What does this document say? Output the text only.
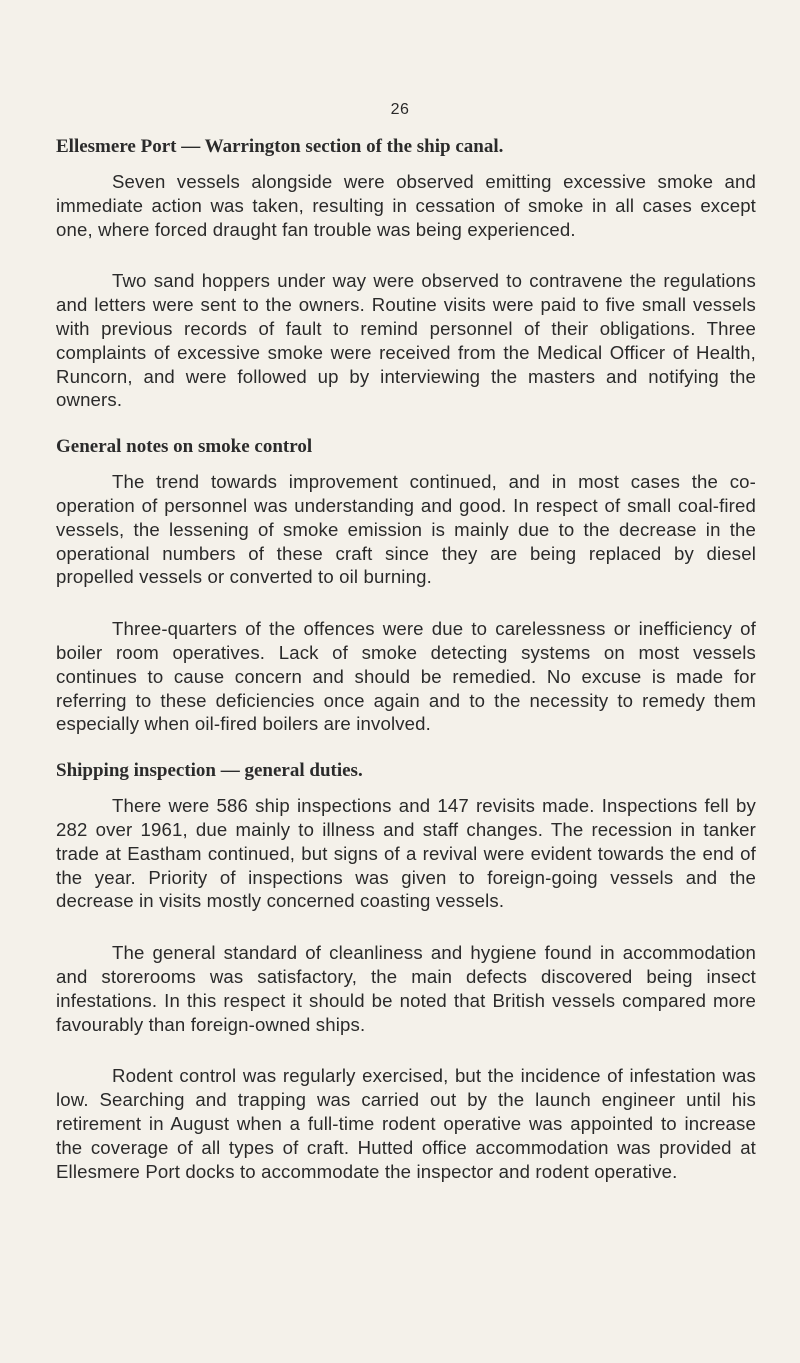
26
Ellesmere Port — Warrington section of the ship canal.

Seven vessels alongside were observed emitting excessive smoke and immediate action was taken, resulting in cessation of smoke in all cases except one, where forced draught fan trouble was being experienced.

Two sand hoppers under way were observed to contravene the regulations and letters were sent to the owners. Routine visits were paid to five small vessels with previous records of fault to remind personnel of their obligations. Three complaints of excessive smoke were received from the Medical Officer of Health, Runcorn, and were followed up by interviewing the masters and notifying the owners.

General notes on smoke control

The trend towards improvement continued, and in most cases the co-operation of personnel was understanding and good. In respect of small coal-fired vessels, the lessening of smoke emission is mainly due to the decrease in the operational numbers of these craft since they are being replaced by diesel propelled vessels or converted to oil burning.

Three-quarters of the offences were due to carelessness or inefficiency of boiler room operatives. Lack of smoke detecting systems on most vessels continues to cause concern and should be remedied. No excuse is made for referring to these deficiencies once again and to the necessity to remedy them especially when oil-fired boilers are involved.

Shipping inspection — general duties.

There were 586 ship inspections and 147 revisits made. Inspections fell by 282 over 1961, due mainly to illness and staff changes. The recession in tanker trade at Eastham continued, but signs of a revival were evident towards the end of the year. Priority of inspections was given to foreign-going vessels and the decrease in visits mostly concerned coasting vessels.

The general standard of cleanliness and hygiene found in accommodation and storerooms was satisfactory, the main defects discovered being insect infestations. In this respect it should be noted that British vessels compared more favourably than foreign-owned ships.

Rodent control was regularly exercised, but the incidence of infestation was low. Searching and trapping was carried out by the launch engineer until his retirement in August when a full-time rodent operative was appointed to increase the coverage of all types of craft. Hutted office accommodation was provided at Ellesmere Port docks to accommodate the inspector and rodent operative.
